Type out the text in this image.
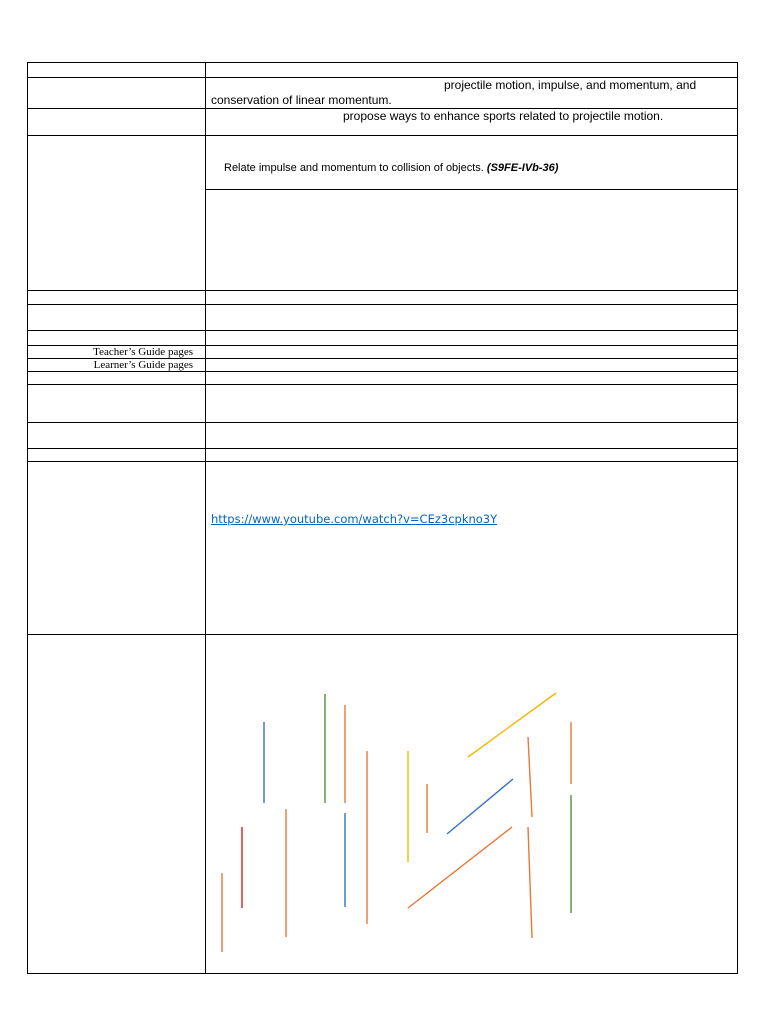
projectile motion, impulse, and momentum, and
conservation of linear momentum.
propose ways to enhance sports related to projectile motion.
Relate impulse and momentum to collision of objects. (S9FE-IVb-36)
Teacher’s Guide pages
Learner’s Guide pages
https://www.youtube.com/watch?v=CEz3cpkno3Y
